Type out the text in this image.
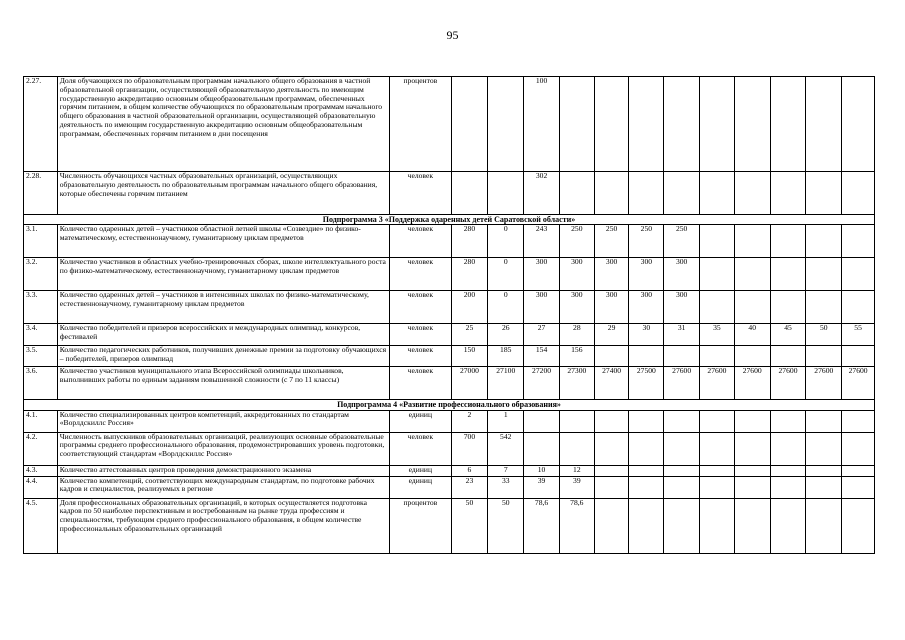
95
2.27.	Доля обучающихся по образовательным программам начального общего образования в частной образовательной организации, осуществляющей образовательную деятельность по имеющим государственную аккредитацию основным общеобразовательным программам, обеспеченных горячим питанием, в общем количестве обучающихся по образовательным программам начального общего образования в частной образовательной организации, осуществляющей образовательную деятельность по имеющим государственную аккредитацию основным общеобразовательным программам, обеспеченных горячим питанием в дни посещения	процентов			100									
2.28.	Численность обучающихся частных образовательных организаций, осуществляющих образовательную деятельность по образовательным программам начального общего образования, которые обеспечены горячим питанием	человек			302									
Подпрограмма 3 «Поддержка одаренных детей Саратовской области»														
3.1.	Количество одаренных детей – участников областной летней школы «Созвездие» по физико-математическому, естественнонаучному, гуманитарному циклам предметов	человек	280	0	243	250	250	250	250					
3.2.	Количество участников в областных учебно-тренировочных сборах, школе интеллектуального роста по физико-математическому, естественнонаучному, гуманитарному циклам предметов	человек	280	0	300	300	300	300	300					
3.3.	Количество одаренных детей – участников в интенсивных школах по физико-математическому, естественнонаучному, гуманитарному циклам предметов	человек	200	0	300	300	300	300	300					
3.4.	Количество победителей и призеров всероссийских и международных олимпиад, конкурсов, фестивалей	человек	25	26	27	28	29	30	31	35	40	45	50	55
3.5.	Количество педагогических работников, получивших денежные премии за подготовку обучающихся – победителей, призеров олимпиад	человек	150	185	154	156								
3.6.	Количество участников муниципального этапа Всероссийской олимпиады школьников, выполнивших работы по единым заданиям повышенной сложности (с 7 по 11 классы)	человек	27000	27100	27200	27300	27400	27500	27600	27600	27600	27600	27600	27600
Подпрограмма 4 «Развитие профессионального образования»														
4.1.	Количество специализированных центров компетенций, аккредитованных по стандартам «Ворлдскиллс Россия»	единиц	2	1										
4.2.	Численность выпускников образовательных организаций, реализующих основные образовательные программы среднего профессионального образования, продемонстрировавших уровень подготовки, соответствующий стандартам «Ворлдскиллс Россия»	человек	700	542										
4.3.	Количество аттестованных центров проведения демонстрационного экзамена	единиц	6	7	10	12								
4.4.	Количество компетенций, соответствующих международным стандартам, по подготовке рабочих кадров и специалистов, реализуемых в регионе	единиц	23	33	39	39								
4.5.	Доля профессиональных образовательных организаций, в которых осуществляется подготовка кадров по 50 наиболее перспективным и востребованным на рынке труда профессиям и специальностям, требующим среднего профессионального образования, в общем количестве профессиональных образовательных организаций	процентов	50	50	78,6	78,6								
